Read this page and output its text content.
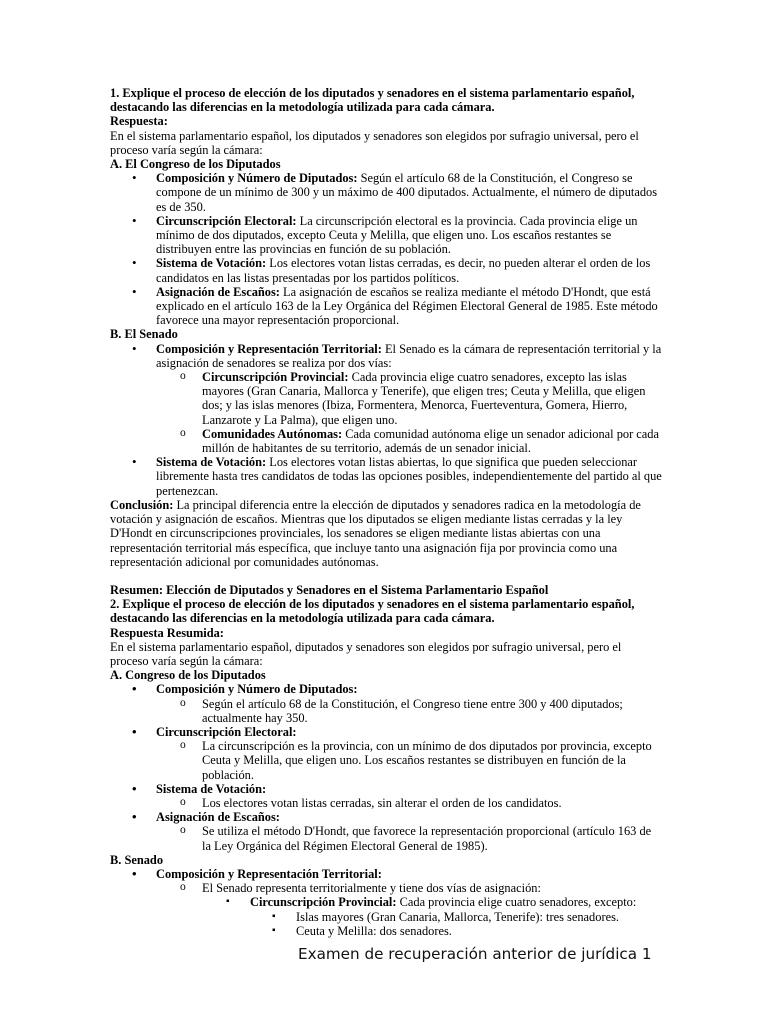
1. Explique el proceso de elección de los diputados y senadores en el sistema parlamentario español, destacando las diferencias en la metodología utilizada para cada cámara.

Respuesta:

En el sistema parlamentario español, los diputados y senadores son elegidos por sufragio universal, pero el proceso varía según la cámara:

A. El Congreso de los Diputados

• Composición y Número de Diputados: Según el artículo 68 de la Constitución, el Congreso se compone de un mínimo de 300 y un máximo de 400 diputados. Actualmente, el número de diputados es de 350.

• Circunscripción Electoral: La circunscripción electoral es la provincia. Cada provincia elige un mínimo de dos diputados, excepto Ceuta y Melilla, que eligen uno. Los escaños restantes se distribuyen entre las provincias en función de su población.

• Sistema de Votación: Los electores votan listas cerradas, es decir, no pueden alterar el orden de los candidatos en las listas presentadas por los partidos políticos.

• Asignación de Escaños: La asignación de escaños se realiza mediante el método D'Hondt, que está explicado en el artículo 163 de la Ley Orgánica del Régimen Electoral General de 1985. Este método favorece una mayor representación proporcional.

B. El Senado

• Composición y Representación Territorial: El Senado es la cámara de representación territorial y la asignación de senadores se realiza por dos vías:

o Circunscripción Provincial: Cada provincia elige cuatro senadores, excepto las islas mayores (Gran Canaria, Mallorca y Tenerife), que eligen tres; Ceuta y Melilla, que eligen dos; y las islas menores (Ibiza, Formentera, Menorca, Fuerteventura, Gomera, Hierro, Lanzarote y La Palma), que eligen uno.

o Comunidades Autónomas: Cada comunidad autónoma elige un senador adicional por cada millón de habitantes de su territorio, además de un senador inicial.

• Sistema de Votación: Los electores votan listas abiertas, lo que significa que pueden seleccionar libremente hasta tres candidatos de todas las opciones posibles, independientemente del partido al que pertenezcan.

Conclusión: La principal diferencia entre la elección de diputados y senadores radica en la metodología de votación y asignación de escaños. Mientras que los diputados se eligen mediante listas cerradas y la ley D'Hondt en circunscripciones provinciales, los senadores se eligen mediante listas abiertas con una representación territorial más específica, que incluye tanto una asignación fija por provincia como una representación adicional por comunidades autónomas.

Resumen: Elección de Diputados y Senadores en el Sistema Parlamentario Español

2. Explique el proceso de elección de los diputados y senadores en el sistema parlamentario español, destacando las diferencias en la metodología utilizada para cada cámara.

Respuesta Resumida:

En el sistema parlamentario español, diputados y senadores son elegidos por sufragio universal, pero el proceso varía según la cámara:

A. Congreso de los Diputados

• Composición y Número de Diputados:

o Según el artículo 68 de la Constitución, el Congreso tiene entre 300 y 400 diputados; actualmente hay 350.

• Circunscripción Electoral:

o La circunscripción es la provincia, con un mínimo de dos diputados por provincia, excepto Ceuta y Melilla, que eligen uno. Los escaños restantes se distribuyen en función de la población.

• Sistema de Votación:

o Los electores votan listas cerradas, sin alterar el orden de los candidatos.

• Asignación de Escaños:

o Se utiliza el método D'Hondt, que favorece la representación proporcional (artículo 163 de la Ley Orgánica del Régimen Electoral General de 1985).

B. Senado

• Composición y Representación Territorial:

o El Senado representa territorialmente y tiene dos vías de asignación:

▪ Circunscripción Provincial: Cada provincia elige cuatro senadores, excepto:

▪ Islas mayores (Gran Canaria, Mallorca, Tenerife): tres senadores.

▪ Ceuta y Melilla: dos senadores.

Examen de recuperación anterior de jurídica 1
